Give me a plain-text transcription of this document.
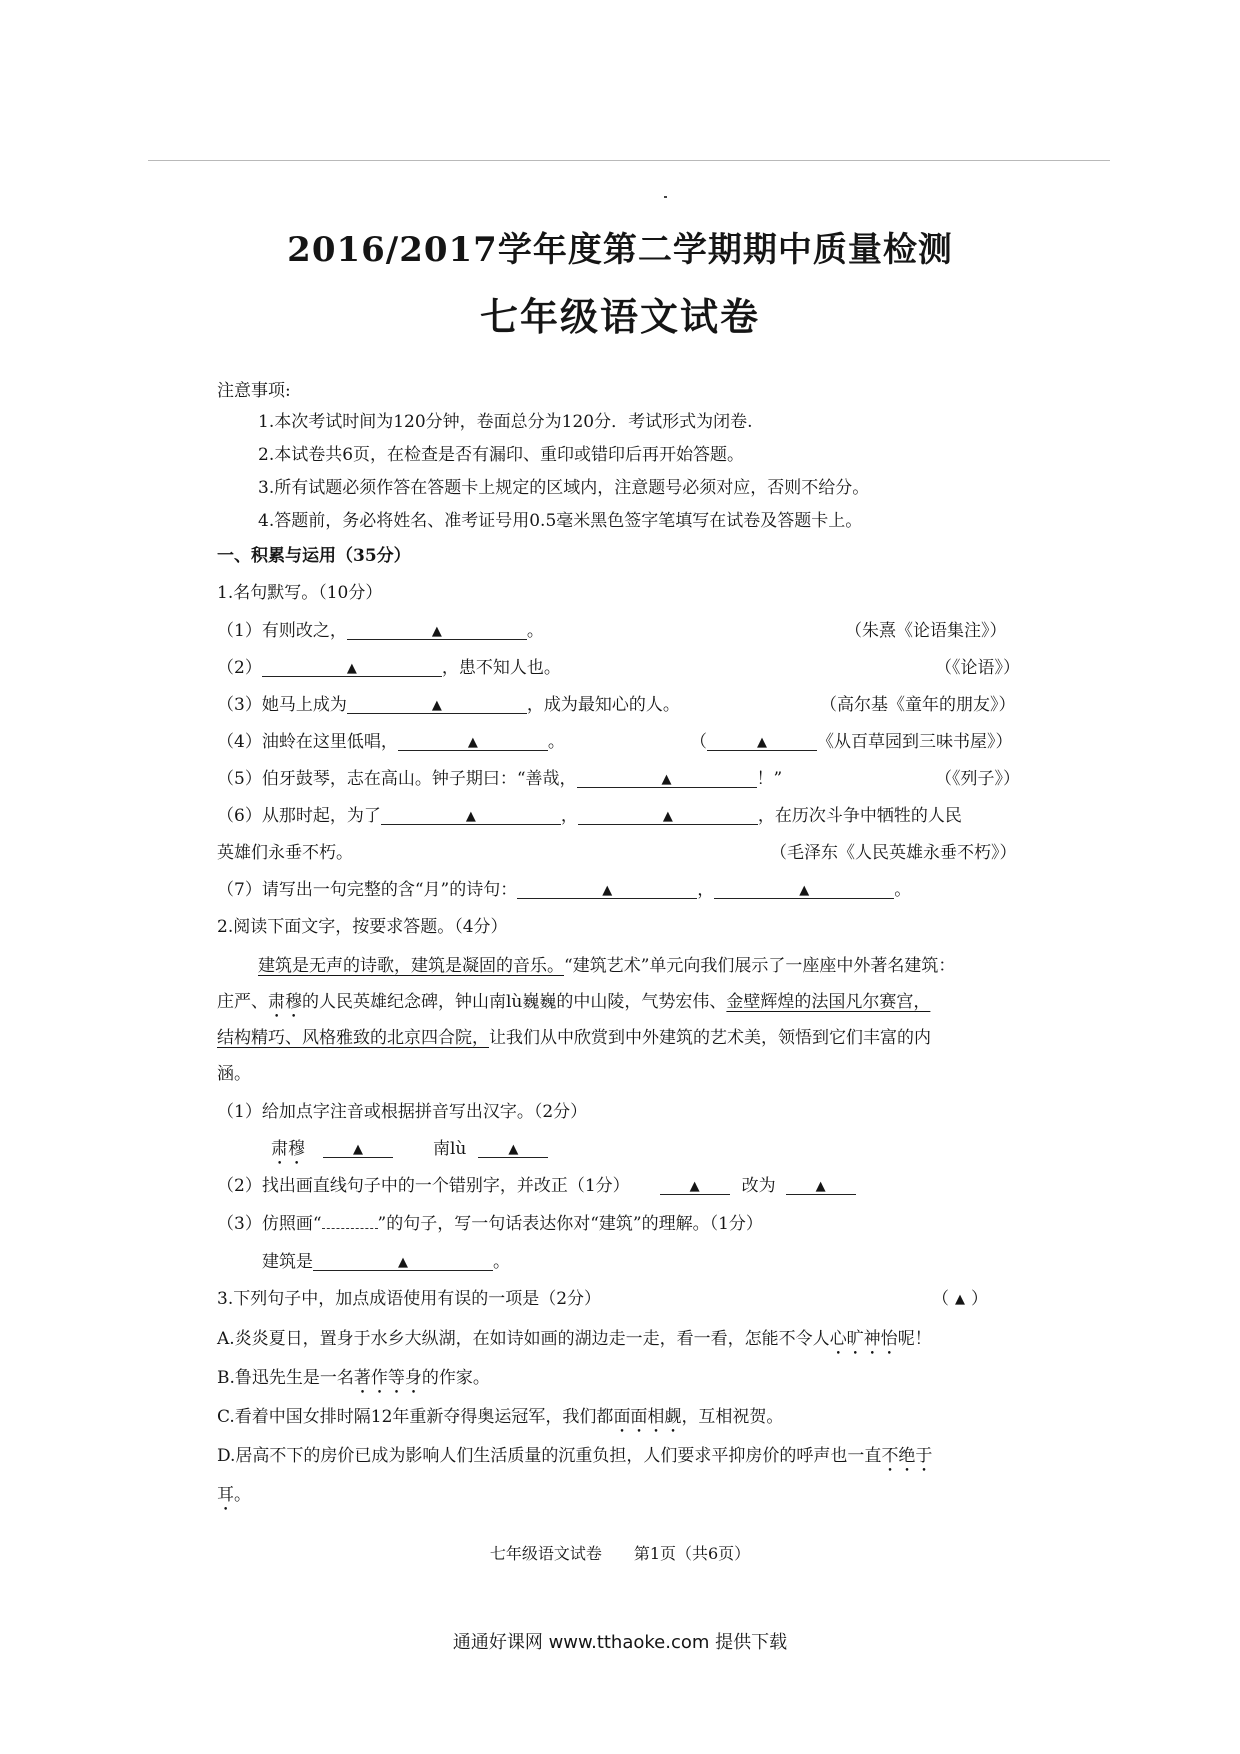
2016/2017学年度第二学期期中质量检测
七年级语文试卷
注意事项:
1.本次考试时间为120分钟，卷面总分为120分．考试形式为闭卷.
2.本试卷共6页，在检查是否有漏印、重印或错印后再开始答题。
3.所有试题必须作答在答题卡上规定的区域内，注意题号必须对应，否则不给分。
4.答题前，务必将姓名、准考证号用0.5毫米黑色签字笔填写在试卷及答题卡上。
一、积累与运用（35分）
1.名句默写。（10分）
（1）有则改之，	▲	。	（朱熹《论语集注》）
（2）	▲	，患不知人也。	（《论语》）
（3）她马上成为	▲	，成为最知心的人。	（高尔基《童年的朋友》）
（4）油蛉在这里低唱，	▲	。	（	▲	《从百草园到三味书屋》）
（5）伯牙鼓琴，志在高山。钟子期曰：“善哉，	▲	！”	（《列子》）
（6）从那时起，为了	▲	，	▲	，在历次斗争中牺牲的人民
英雄们永垂不朽。	（毛泽东《人民英雄永垂不朽》）
（7）请写出一句完整的含“月”的诗句：	▲	，	▲	。
2.阅读下面文字，按要求答题。（4分）
建筑是无声的诗歌，建筑是凝固的音乐。“建筑艺术”单元向我们展示了一座座中外著名建筑：
庄严、肃穆的人民英雄纪念碑，钟山南lù巍巍的中山陵，气势宏伟、金壁辉煌的法国凡尔赛宫，
结构精巧、风格雅致的北京四合院，让我们从中欣赏到中外建筑的艺术美，领悟到它们丰富的内
涵。
（1）给加点字注音或根据拼音写出汉字。（2分）
肃穆	▲	南lù	▲
（2）找出画直线句子中的一个错别字，并改正（1分）	▲ 改为	▲
（3）仿照画“	”的句子，写一句话表达你对“建筑”的理解。（1分）
建筑是	▲	。
3.下列句子中，加点成语使用有误的一项是（2分）	（ ▲ ）
A.炎炎夏日，置身于水乡大纵湖，在如诗如画的湖边走一走，看一看，怎能不令人心旷神怡呢！
B.鲁迅先生是一名著作等身的作家。
C.看着中国女排时隔12年重新夺得奥运冠军，我们都面面相觑，互相祝贺。
D.居高不下的房价已成为影响人们生活质量的沉重负担，人们要求平抑房价的呼声也一直不绝于
耳。
七年级语文试卷　　第1页（共6页）
通通好课网 www.tthaoke.com 提供下载
